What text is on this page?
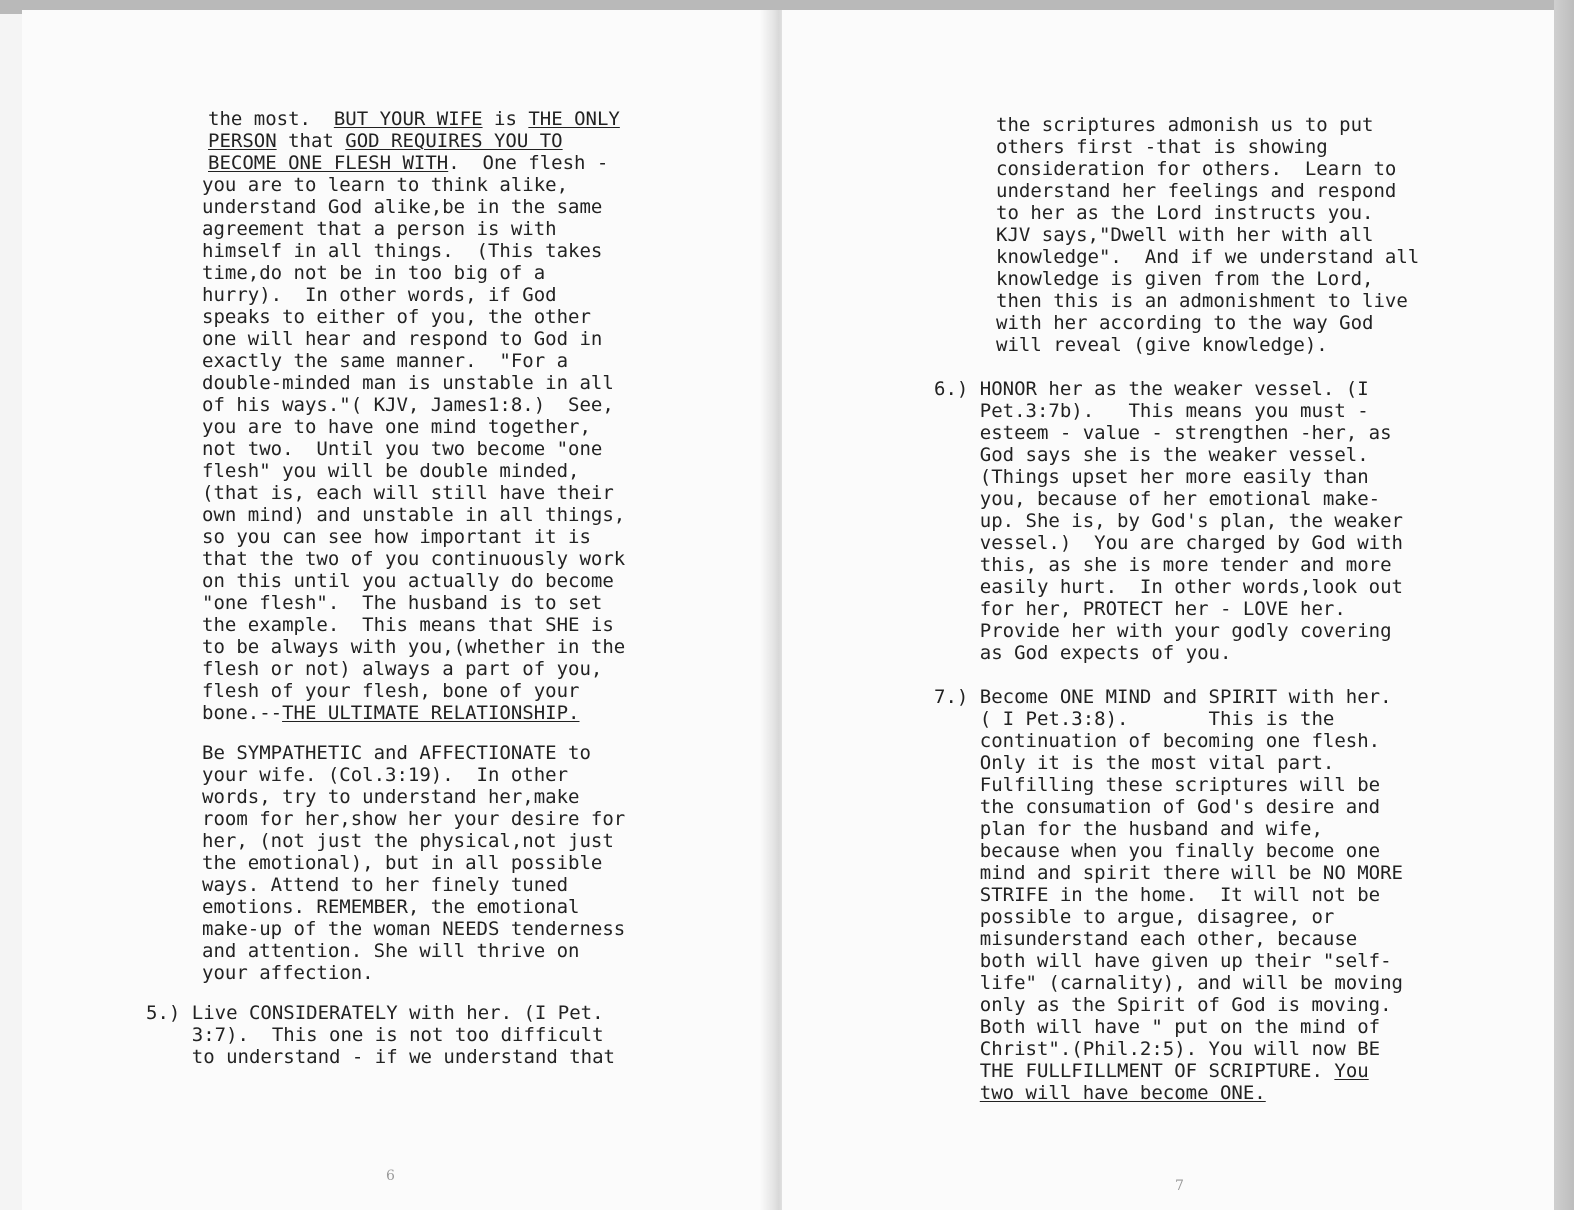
the most.  BUT YOUR WIFE is THE ONLY
PERSON that GOD REQUIRES YOU TO
BECOME ONE FLESH WITH.  One flesh -
you are to learn to think alike,
understand God alike,be in the same
agreement that a person is with
himself in all things.  (This takes
time,do not be in too big of a
hurry).  In other words, if God
speaks to either of you, the other
one will hear and respond to God in
exactly the same manner.  "For a
double-minded man is unstable in all
of his ways."( KJV, James1:8.)  See,
you are to have one mind together,
not two.  Until you two become "one
flesh" you will be double minded,
(that is, each will still have their
own mind) and unstable in all things,
so you can see how important it is
that the two of you continuously work
on this until you actually do become
"one flesh".  The husband is to set
the example.  This means that SHE is
to be always with you,(whether in the
flesh or not) always a part of you,
flesh of your flesh, bone of your
bone.--THE ULTIMATE RELATIONSHIP.
Be SYMPATHETIC and AFFECTIONATE to
your wife. (Col.3:19).  In other
words, try to understand her,make
room for her,show her your desire for
her, (not just the physical,not just
the emotional), but in all possible
ways. Attend to her finely tuned
emotions. REMEMBER, the emotional
make-up of the woman NEEDS tenderness
and attention. She will thrive on
your affection.
5.) Live CONSIDERATELY with her. (I Pet.
3:7).  This one is not too difficult
to understand - if we understand that
6
the scriptures admonish us to put
others first -that is showing
consideration for others.  Learn to
understand her feelings and respond
to her as the Lord instructs you.
KJV says,"Dwell with her with all
knowledge".  And if we understand all
knowledge is given from the Lord,
then this is an admonishment to live
with her according to the way God
will reveal (give knowledge).
6.) HONOR her as the weaker vessel. (I
Pet.3:7b).   This means you must -
esteem - value - strengthen -her, as
God says she is the weaker vessel.
(Things upset her more easily than
you, because of her emotional make-
up. She is, by God's plan, the weaker
vessel.)  You are charged by God with
this, as she is more tender and more
easily hurt.  In other words,look out
for her, PROTECT her - LOVE her.
Provide her with your godly covering
as God expects of you.
7.) Become ONE MIND and SPIRIT with her.
( I Pet.3:8).       This is the
continuation of becoming one flesh.
Only it is the most vital part.
Fulfilling these scriptures will be
the consumation of God's desire and
plan for the husband and wife,
because when you finally become one
mind and spirit there will be NO MORE
STRIFE in the home.  It will not be
possible to argue, disagree, or
misunderstand each other, because
both will have given up their "self-
life" (carnality), and will be moving
only as the Spirit of God is moving.
Both will have " put on the mind of
Christ".(Phil.2:5). You will now BE
THE FULLFILLMENT OF SCRIPTURE. You
two will have become ONE.
7
